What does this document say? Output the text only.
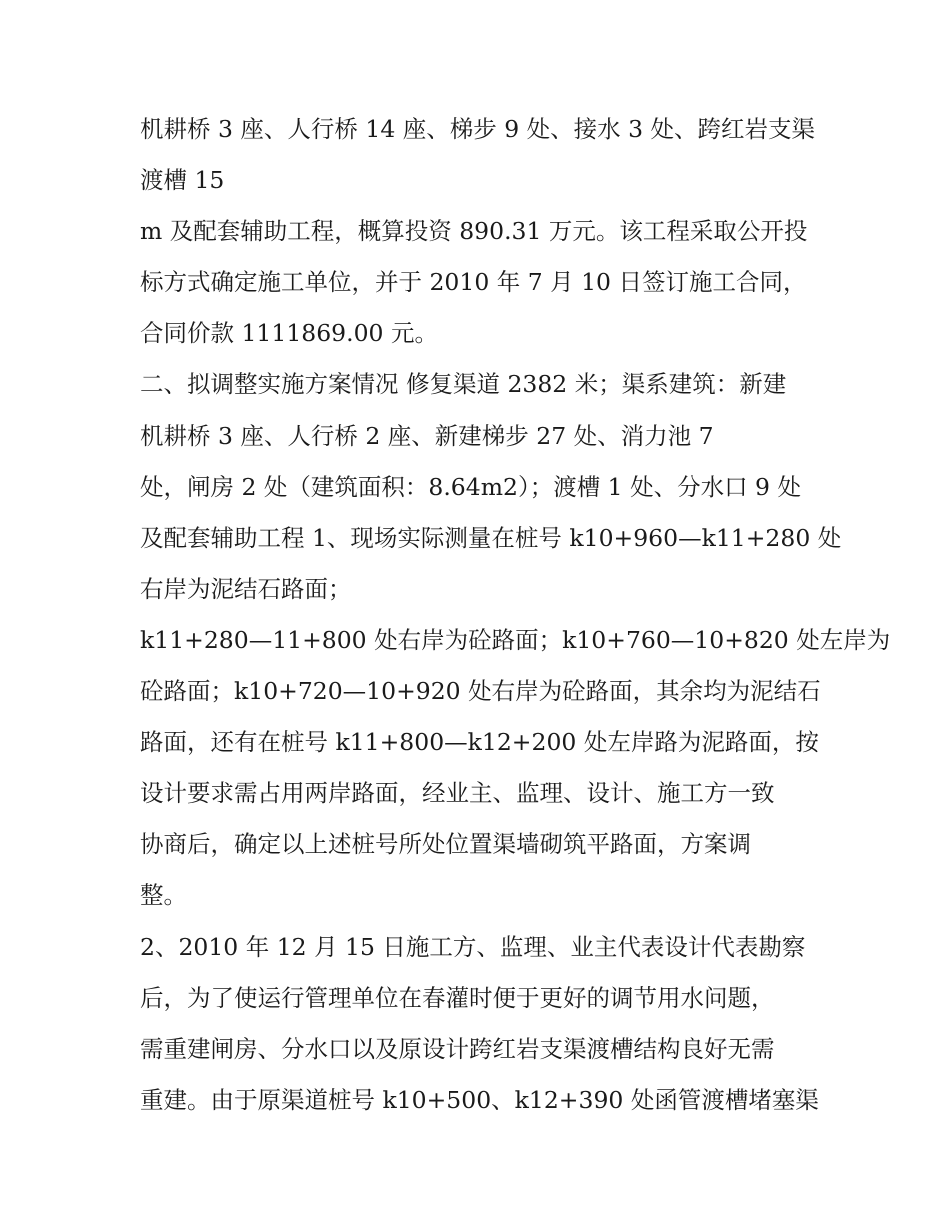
机耕桥 3 座、人行桥 14 座、梯步 9 处、接水 3 处、跨红岩支渠
渡槽 15
m 及配套辅助工程，概算投资 890.31 万元。该工程采取公开投
标方式确定施工单位，并于 2010 年 7 月 10 日签订施工合同，
合同价款 1111869.00 元。
二、拟调整实施方案情况 修复渠道 2382 米；渠系建筑：新建
机耕桥 3 座、人行桥 2 座、新建梯步 27 处、消力池 7
处，闸房 2 处（建筑面积：8.64m2）；渡槽 1 处、分水口 9 处
及配套辅助工程 1、现场实际测量在桩号 k10+960—k11+280 处
右岸为泥结石路面；
k11+280—11+800 处右岸为砼路面；k10+760—10+820 处左岸为
砼路面；k10+720—10+920 处右岸为砼路面，其余均为泥结石
路面，还有在桩号 k11+800—k12+200 处左岸路为泥路面，按
设计要求需占用两岸路面，经业主、监理、设计、施工方一致
协商后，确定以上述桩号所处位置渠墙砌筑平路面，方案调
整。
2、2010 年 12 月 15 日施工方、监理、业主代表设计代表勘察
后，为了使运行管理单位在春灌时便于更好的调节用水问题，
需重建闸房、分水口以及原设计跨红岩支渠渡槽结构良好无需
重建。由于原渠道桩号 k10+500、k12+390 处函管渡槽堵塞渠
